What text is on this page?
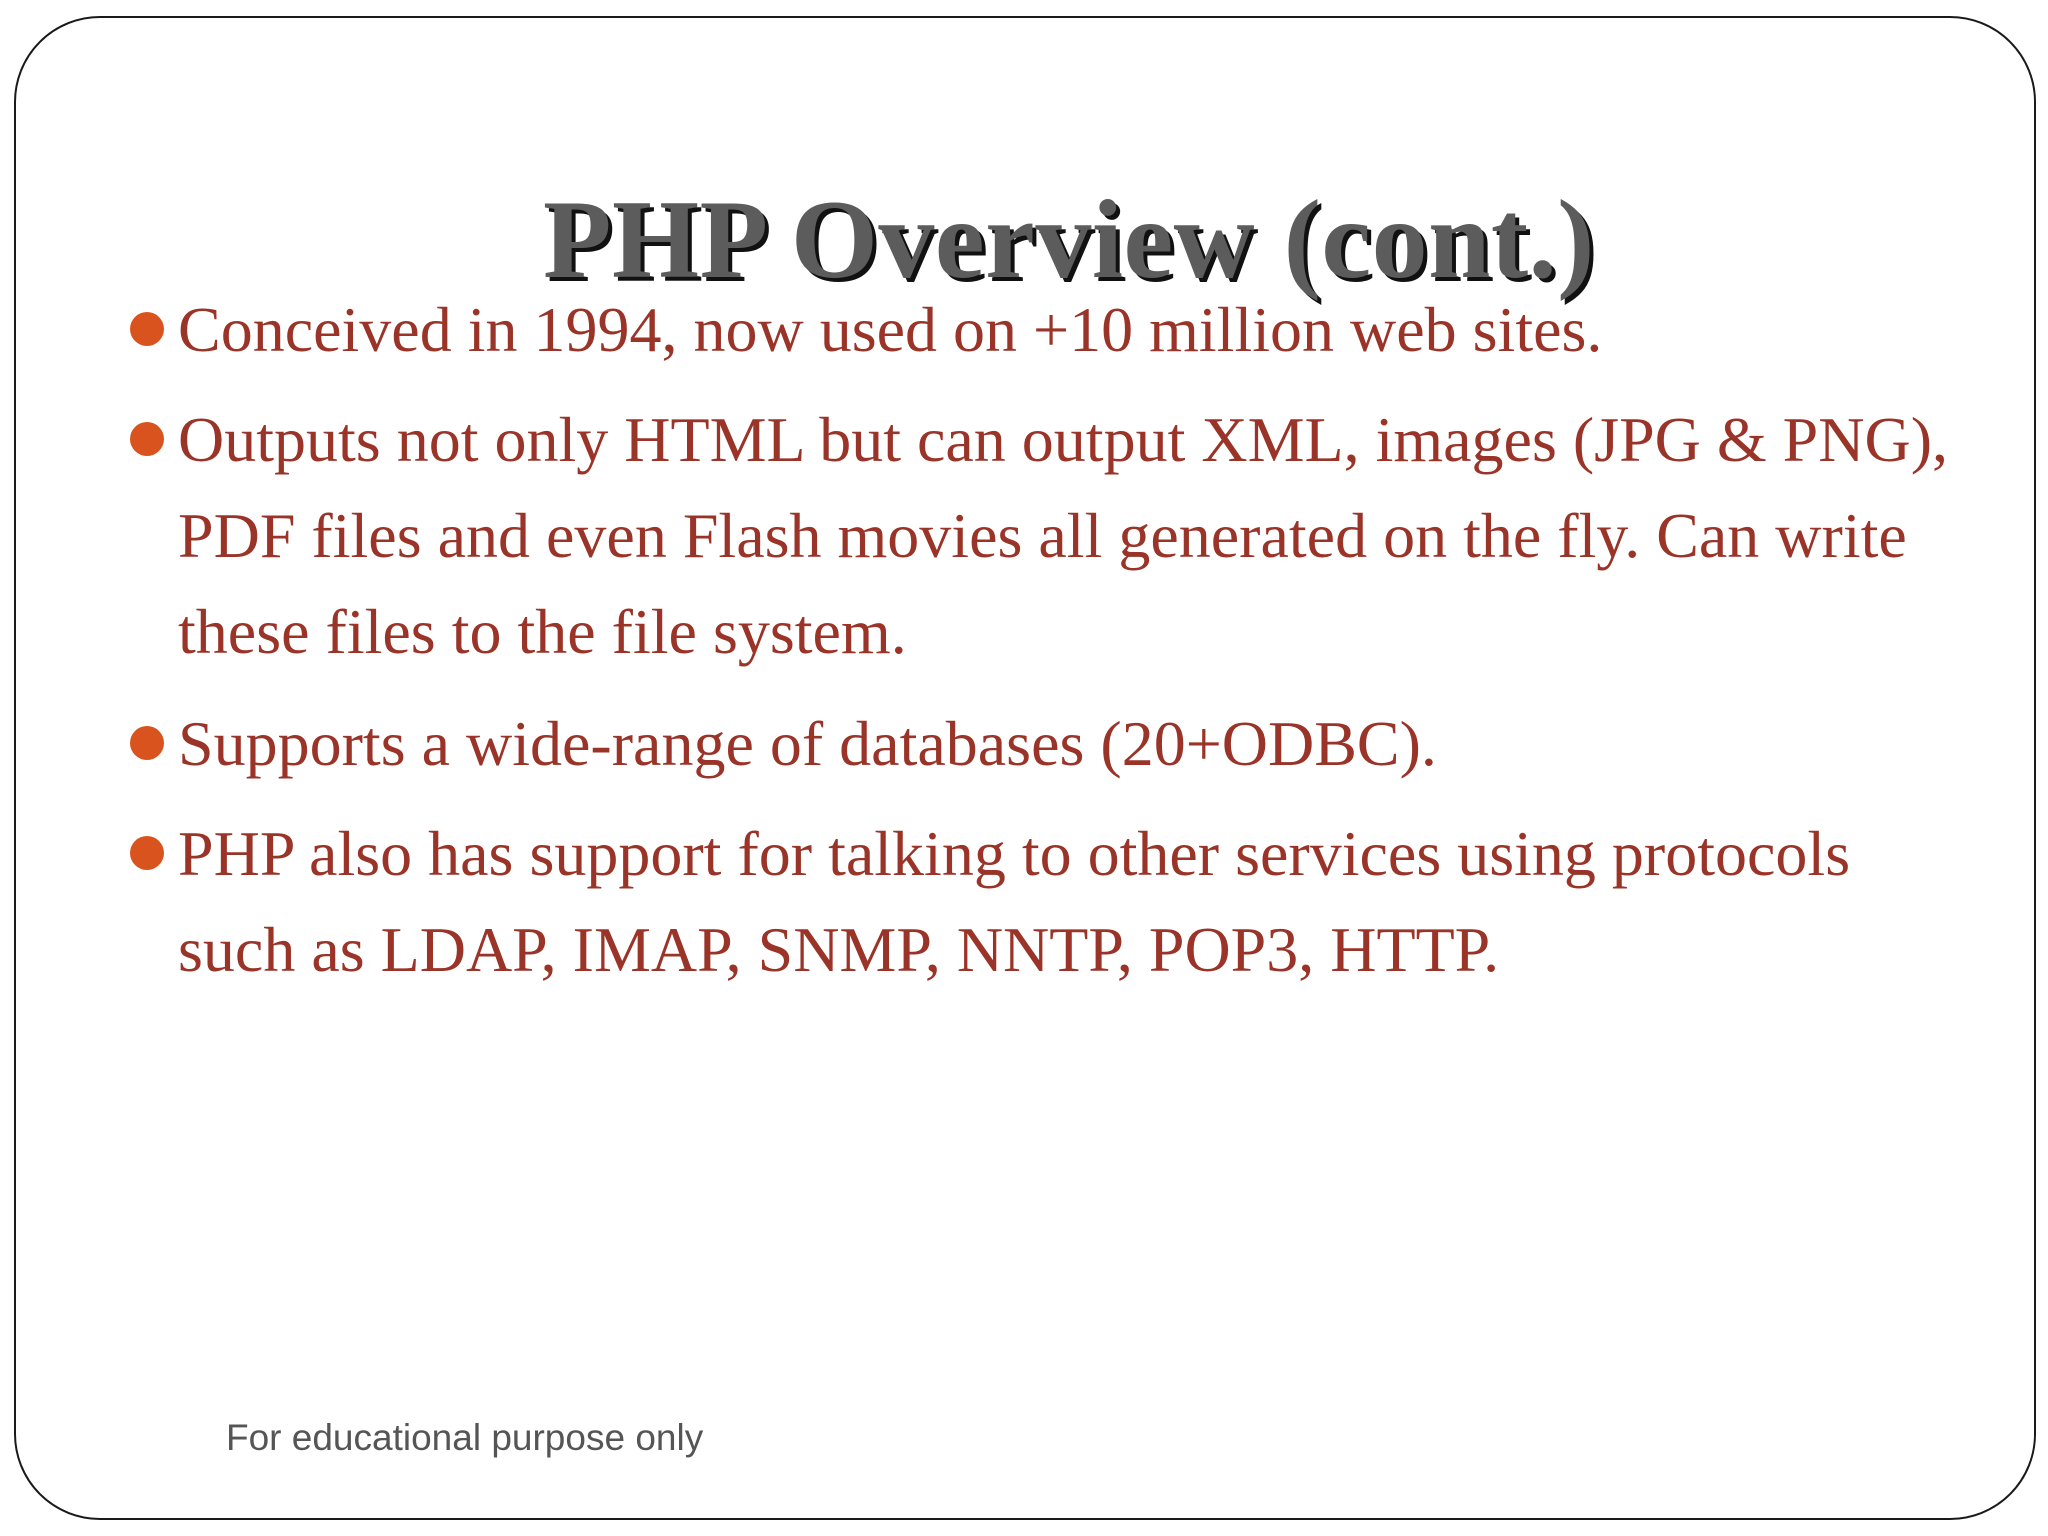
PHP Overview (cont.)
Conceived in 1994, now used on +10 million web sites.
Outputs not only HTML but can output XML, images (JPG & PNG), PDF files and even Flash movies all generated on the fly. Can write these files to the file system.
Supports a wide-range of databases (20+ODBC).
PHP also has support for talking to other services using protocols such as LDAP, IMAP, SNMP, NNTP, POP3, HTTP.
For educational purpose only
